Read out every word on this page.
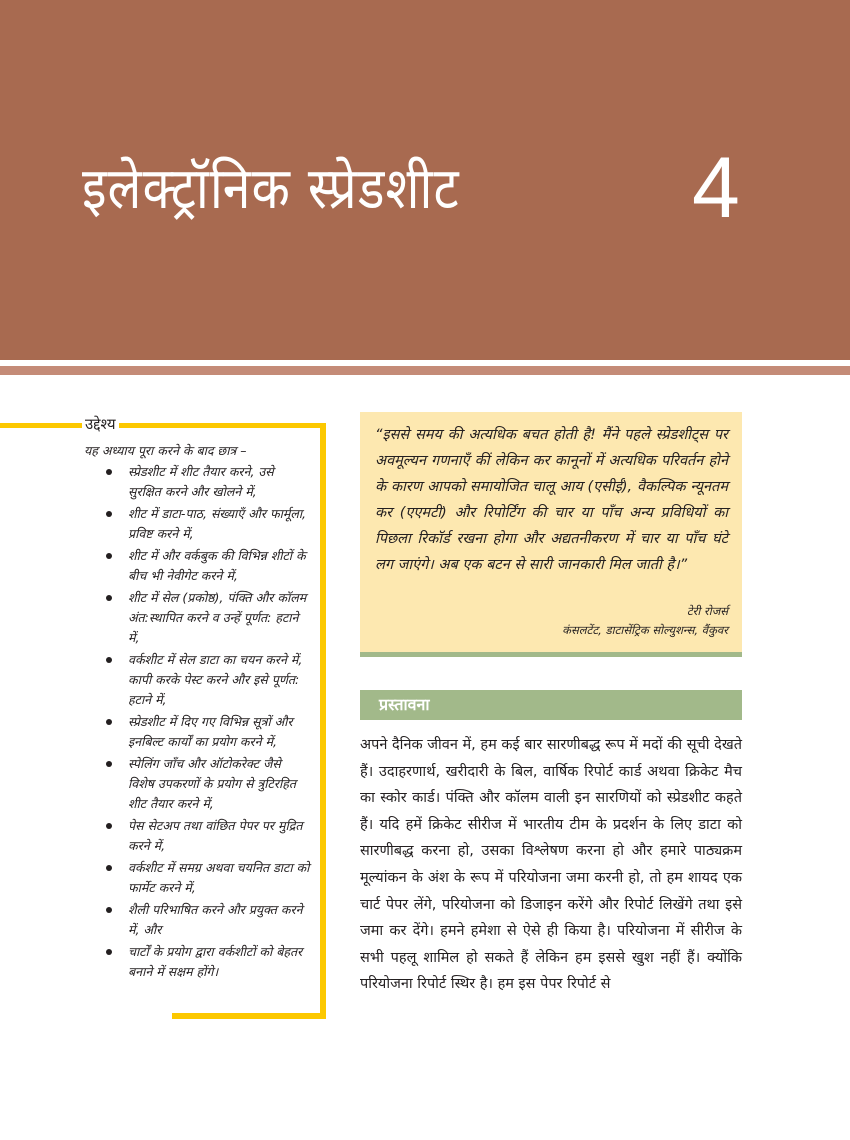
इलेक्ट्रॉनिक स्प्रेडशीट	4
उद्देश्य
यह अध्याय पूरा करने के बाद छात्र –
स्प्रेडशीट में शीट तैयार करने, उसे सुरक्षित करने और खोलने में,
शीट में डाटा-पाठ, संख्याएँ और फार्मूला, प्रविष्ट करने में,
शीट में और वर्कबुक की विभिन्न शीटों के बीच भी नेवीगेट करने में,
शीट में सेल (प्रकोष्ठ), पंक्ति और कॉलम अंत:स्थापित करने व उन्हें पूर्णत: हटाने में,
वर्कशीट में सेल डाटा का चयन करने में, कापी करके पेस्ट करने और इसे पूर्णत: हटाने में,
स्प्रेडशीट में दिए गए विभिन्न सूत्रों और इनबिल्ट कार्यों का प्रयोग करने में,
स्पेलिंग जाँच और ऑटोकरेक्ट जैसे विशेष उपकरणों के प्रयोग से त्रुटिरहित शीट तैयार करने में,
पेस सेटअप तथा वांछित पेपर पर मुद्रित करने में,
वर्कशीट में समग्र अथवा चयनित डाटा को फार्मेट करने में,
शैली परिभाषित करने और प्रयुक्त करने में, और
चार्टों के प्रयोग द्वारा वर्कशीटों को बेहतर बनाने में सक्षम होंगे।
“इससे समय की अत्यधिक बचत होती है! मैंने पहले स्प्रेडशीट्स पर अवमूल्यन गणनाएँ कीं लेकिन कर कानूनों में अत्यधिक परिवर्तन होने के कारण आपको समायोजित चालू आय (एसीई), वैकल्पिक न्यूनतम कर (एएमटी) और रिपोर्टिंग की चार या पाँच अन्य प्रविधियों का पिछला रिकॉर्ड रखना होगा और अद्यतनीकरण में चार या पाँच घंटे लग जाएंगे। अब एक बटन से सारी जानकारी मिल जाती है।”
टेरी रोजर्स
कंसलटेंट, डाटासेंट्रिक सोल्युशन्स, वैंकुवर
प्रस्तावना

अपने दैनिक जीवन में, हम कई बार सारणीबद्ध रूप में मदों की सूची देखते हैं। उदाहरणार्थ, खरीदारी के बिल, वार्षिक रिपोर्ट कार्ड अथवा क्रिकेट मैच का स्कोर कार्ड। पंक्ति और कॉलम वाली इन सारणियों को स्प्रेडशीट कहते हैं। यदि हमें क्रिकेट सीरीज में भारतीय टीम के प्रदर्शन के लिए डाटा को सारणीबद्ध करना हो, उसका विश्लेषण करना हो और हमारे पाठ्यक्रम मूल्यांकन के अंश के रूप में परियोजना जमा करनी हो, तो हम शायद एक चार्ट पेपर लेंगे, परियोजना को डिजाइन करेंगे और रिपोर्ट लिखेंगे तथा इसे जमा कर देंगे। हमने हमेशा से ऐसे ही किया है। परियोजना में सीरीज के सभी पहलू शामिल हो सकते हैं लेकिन हम इससे खुश नहीं हैं। क्योंकि परियोजना रिपोर्ट स्थिर है। हम इस पेपर रिपोर्ट से
